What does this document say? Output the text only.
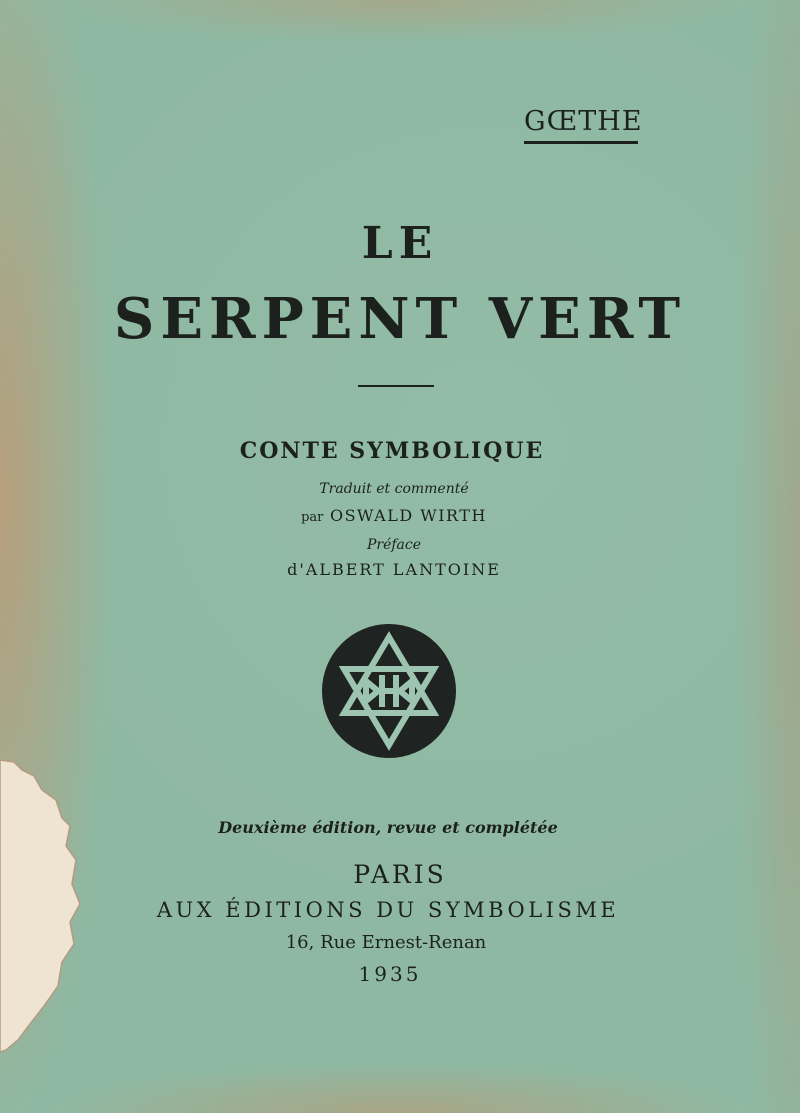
GŒTHE
LE
SERPENT VERT
CONTE SYMBOLIQUE
Traduit et commenté
par OSWALD WIRTH
Préface
d'ALBERT LANTOINE
Deuxième édition, revue et complétée
PARIS
AUX ÉDITIONS DU SYMBOLISME
16, Rue Ernest-Renan
1935
